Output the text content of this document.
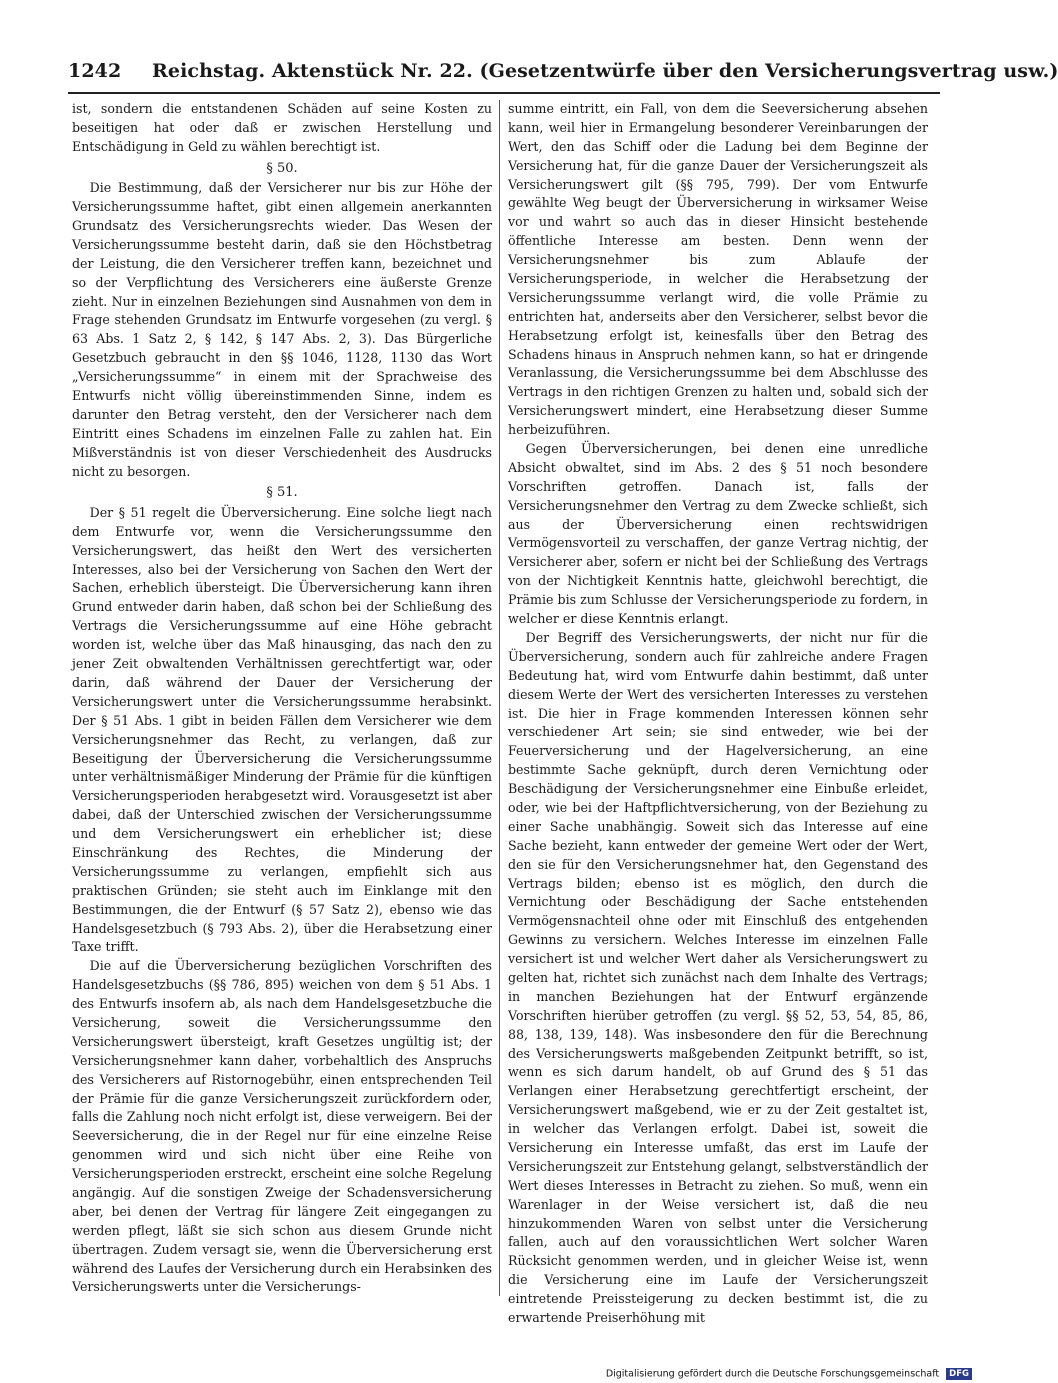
1242 Reichstag. Aktenstück Nr. 22. (Gesetzentwürfe über den Versicherungsvertrag usw.)

ist, sondern die entstandenen Schäden auf seine Kosten zu beseitigen hat oder daß er zwischen Herstellung und Entschädigung in Geld zu wählen berechtigt ist.

§ 50.

Die Bestimmung, daß der Versicherer nur bis zur Höhe der Versicherungssumme haftet, gibt einen allgemein anerkannten Grundsatz des Versicherungsrechts wieder. Das Wesen der Versicherungssumme besteht darin, daß sie den Höchstbetrag der Leistung, die den Versicherer treffen kann, bezeichnet und so der Verpflichtung des Versicherers eine äußerste Grenze zieht. Nur in einzelnen Beziehungen sind Ausnahmen von dem in Frage stehenden Grundsatz im Entwurfe vorgesehen (zu vergl. § 63 Abs. 1 Satz 2, § 142, § 147 Abs. 2, 3). Das Bürgerliche Gesetzbuch gebraucht in den §§ 1046, 1128, 1130 das Wort „Versicherungssumme“ in einem mit der Sprachweise des Entwurfs nicht völlig übereinstimmenden Sinne, indem es darunter den Betrag versteht, den der Versicherer nach dem Eintritt eines Schadens im einzelnen Falle zu zahlen hat. Ein Mißverständnis ist von dieser Verschiedenheit des Ausdrucks nicht zu besorgen.

§ 51.

Der § 51 regelt die Überversicherung. Eine solche liegt nach dem Entwurfe vor, wenn die Versicherungssumme den Versicherungswert, das heißt den Wert des versicherten Interesses, also bei der Versicherung von Sachen den Wert der Sachen, erheblich übersteigt. Die Überversicherung kann ihren Grund entweder darin haben, daß schon bei der Schließung des Vertrags die Versicherungssumme auf eine Höhe gebracht worden ist, welche über das Maß hinausging, das nach den zu jener Zeit obwaltenden Verhältnissen gerechtfertigt war, oder darin, daß während der Dauer der Versicherung der Versicherungswert unter die Versicherungssumme herabsinkt. Der § 51 Abs. 1 gibt in beiden Fällen dem Versicherer wie dem Versicherungsnehmer das Recht, zu verlangen, daß zur Beseitigung der Überversicherung die Versicherungssumme unter verhältnismäßiger Minderung der Prämie für die künftigen Versicherungsperioden herabgesetzt wird. Vorausgesetzt ist aber dabei, daß der Unterschied zwischen der Versicherungssumme und dem Versicherungswert ein erheblicher ist; diese Einschränkung des Rechtes, die Minderung der Versicherungssumme zu verlangen, empfiehlt sich aus praktischen Gründen; sie steht auch im Einklange mit den Bestimmungen, die der Entwurf (§ 57 Satz 2), ebenso wie das Handelsgesetzbuch (§ 793 Abs. 2), über die Herabsetzung einer Taxe trifft.

Die auf die Überversicherung bezüglichen Vorschriften des Handelsgesetzbuchs (§§ 786, 895) weichen von dem § 51 Abs. 1 des Entwurfs insofern ab, als nach dem Handelsgesetzbuche die Versicherung, soweit die Versicherungssumme den Versicherungswert übersteigt, kraft Gesetzes ungültig ist; der Versicherungsnehmer kann daher, vorbehaltlich des Anspruchs des Versicherers auf Ristornogebühr, einen entsprechenden Teil der Prämie für die ganze Versicherungszeit zurückfordern oder, falls die Zahlung noch nicht erfolgt ist, diese verweigern. Bei der Seeversicherung, die in der Regel nur für eine einzelne Reise genommen wird und sich nicht über eine Reihe von Versicherungsperioden erstreckt, erscheint eine solche Regelung angängig. Auf die sonstigen Zweige der Schadensversicherung aber, bei denen der Vertrag für längere Zeit eingegangen zu werden pflegt, läßt sie sich schon aus diesem Grunde nicht übertragen. Zudem versagt sie, wenn die Überversicherung erst während des Laufes der Versicherung durch ein Herabsinken des Versicherungswerts unter die Versicherungs-

summe eintritt, ein Fall, von dem die Seeversicherung absehen kann, weil hier in Ermangelung besonderer Vereinbarungen der Wert, den das Schiff oder die Ladung bei dem Beginne der Versicherung hat, für die ganze Dauer der Versicherungszeit als Versicherungswert gilt (§§ 795, 799). Der vom Entwurfe gewählte Weg beugt der Überversicherung in wirksamer Weise vor und wahrt so auch das in dieser Hinsicht bestehende öffentliche Interesse am besten. Denn wenn der Versicherungsnehmer bis zum Ablaufe der Versicherungsperiode, in welcher die Herabsetzung der Versicherungssumme verlangt wird, die volle Prämie zu entrichten hat, anderseits aber den Versicherer, selbst bevor die Herabsetzung erfolgt ist, keinesfalls über den Betrag des Schadens hinaus in Anspruch nehmen kann, so hat er dringende Veranlassung, die Versicherungssumme bei dem Abschlusse des Vertrags in den richtigen Grenzen zu halten und, sobald sich der Versicherungswert mindert, eine Herabsetzung dieser Summe herbeizuführen.

Gegen Überversicherungen, bei denen eine unredliche Absicht obwaltet, sind im Abs. 2 des § 51 noch besondere Vorschriften getroffen. Danach ist, falls der Versicherungsnehmer den Vertrag zu dem Zwecke schließt, sich aus der Überversicherung einen rechtswidrigen Vermögensvorteil zu verschaffen, der ganze Vertrag nichtig, der Versicherer aber, sofern er nicht bei der Schließung des Vertrags von der Nichtigkeit Kenntnis hatte, gleichwohl berechtigt, die Prämie bis zum Schlusse der Versicherungsperiode zu fordern, in welcher er diese Kenntnis erlangt.

Der Begriff des Versicherungswerts, der nicht nur für die Überversicherung, sondern auch für zahlreiche andere Fragen Bedeutung hat, wird vom Entwurfe dahin bestimmt, daß unter diesem Werte der Wert des versicherten Interesses zu verstehen ist. Die hier in Frage kommenden Interessen können sehr verschiedener Art sein; sie sind entweder, wie bei der Feuerversicherung und der Hagelversicherung, an eine bestimmte Sache geknüpft, durch deren Vernichtung oder Beschädigung der Versicherungsnehmer eine Einbuße erleidet, oder, wie bei der Haftpflichtversicherung, von der Beziehung zu einer Sache unabhängig. Soweit sich das Interesse auf eine Sache bezieht, kann entweder der gemeine Wert oder der Wert, den sie für den Versicherungsnehmer hat, den Gegenstand des Vertrags bilden; ebenso ist es möglich, den durch die Vernichtung oder Beschädigung der Sache entstehenden Vermögensnachteil ohne oder mit Einschluß des entgehenden Gewinns zu versichern. Welches Interesse im einzelnen Falle versichert ist und welcher Wert daher als Versicherungswert zu gelten hat, richtet sich zunächst nach dem Inhalte des Vertrags; in manchen Beziehungen hat der Entwurf ergänzende Vorschriften hierüber getroffen (zu vergl. §§ 52, 53, 54, 85, 86, 88, 138, 139, 148). Was insbesondere den für die Berechnung des Versicherungswerts maßgebenden Zeitpunkt betrifft, so ist, wenn es sich darum handelt, ob auf Grund des § 51 das Verlangen einer Herabsetzung gerechtfertigt erscheint, der Versicherungswert maßgebend, wie er zu der Zeit gestaltet ist, in welcher das Verlangen erfolgt. Dabei ist, soweit die Versicherung ein Interesse umfaßt, das erst im Laufe der Versicherungszeit zur Entstehung gelangt, selbstverständlich der Wert dieses Interesses in Betracht zu ziehen. So muß, wenn ein Warenlager in der Weise versichert ist, daß die neu hinzukommenden Waren von selbst unter die Versicherung fallen, auch auf den voraussichtlichen Wert solcher Waren Rücksicht genommen werden, und in gleicher Weise ist, wenn die Versicherung eine im Laufe der Versicherungszeit eintretende Preissteigerung zu decken bestimmt ist, die zu erwartende Preiserhöhung mit

Digitalisierung gefördert durch die Deutsche Forschungsgemeinschaft DFG
